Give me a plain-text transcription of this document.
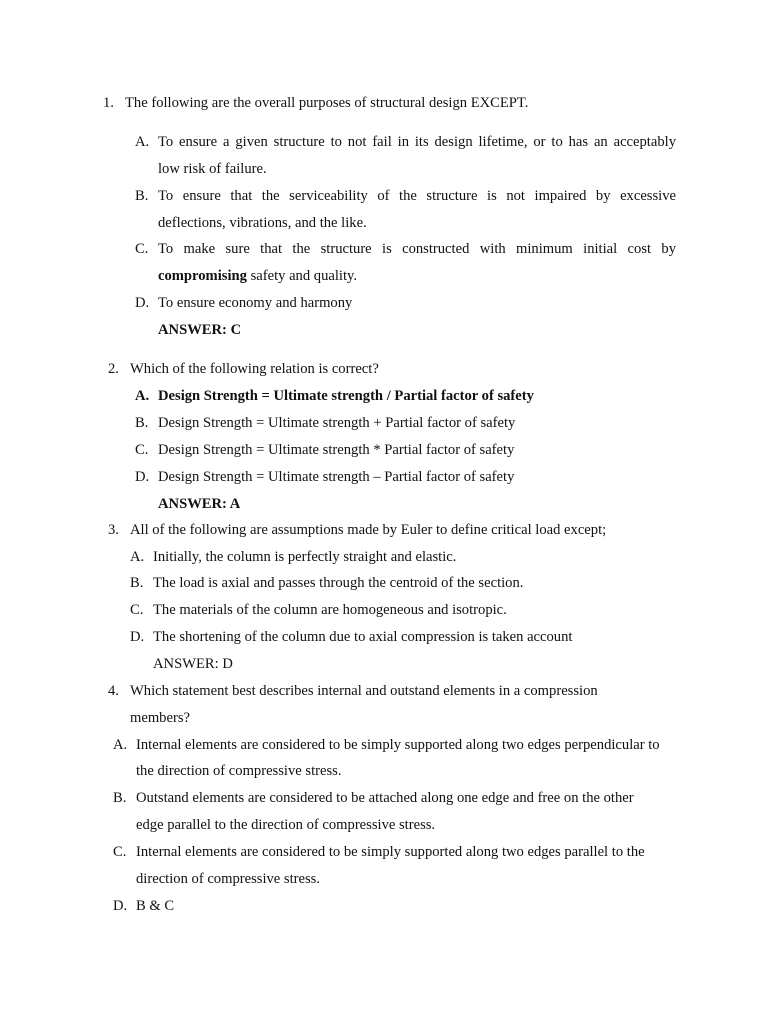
1. The following are the overall purposes of structural design EXCEPT.
A. To ensure a given structure to not fail in its design lifetime, or to has an acceptably
low risk of failure.
B. To ensure that the serviceability of the structure is not impaired by excessive
deflections, vibrations, and the like.
C. To make sure that the structure is constructed with minimum initial cost by
compromising safety and quality.
D. To ensure economy and harmony
ANSWER: C
2. Which of the following relation is correct?
A. Design Strength = Ultimate strength / Partial factor of safety
B. Design Strength = Ultimate strength + Partial factor of safety
C. Design Strength = Ultimate strength * Partial factor of safety
D. Design Strength = Ultimate strength – Partial factor of safety
ANSWER: A
3. All of the following are assumptions made by Euler to define critical load except;
A. Initially, the column is perfectly straight and elastic.
B. The load is axial and passes through the centroid of the section.
C. The materials of the column are homogeneous and isotropic.
D. The shortening of the column due to axial compression is taken account
ANSWER: D
4. Which statement best describes internal and outstand elements in a compression
members?
A. Internal elements are considered to be simply supported along two edges perpendicular to
the direction of compressive stress.
B. Outstand elements are considered to be attached along one edge and free on the other
edge parallel to the direction of compressive stress.
C. Internal elements are considered to be simply supported along two edges parallel to the
direction of compressive stress.
D. B & C
